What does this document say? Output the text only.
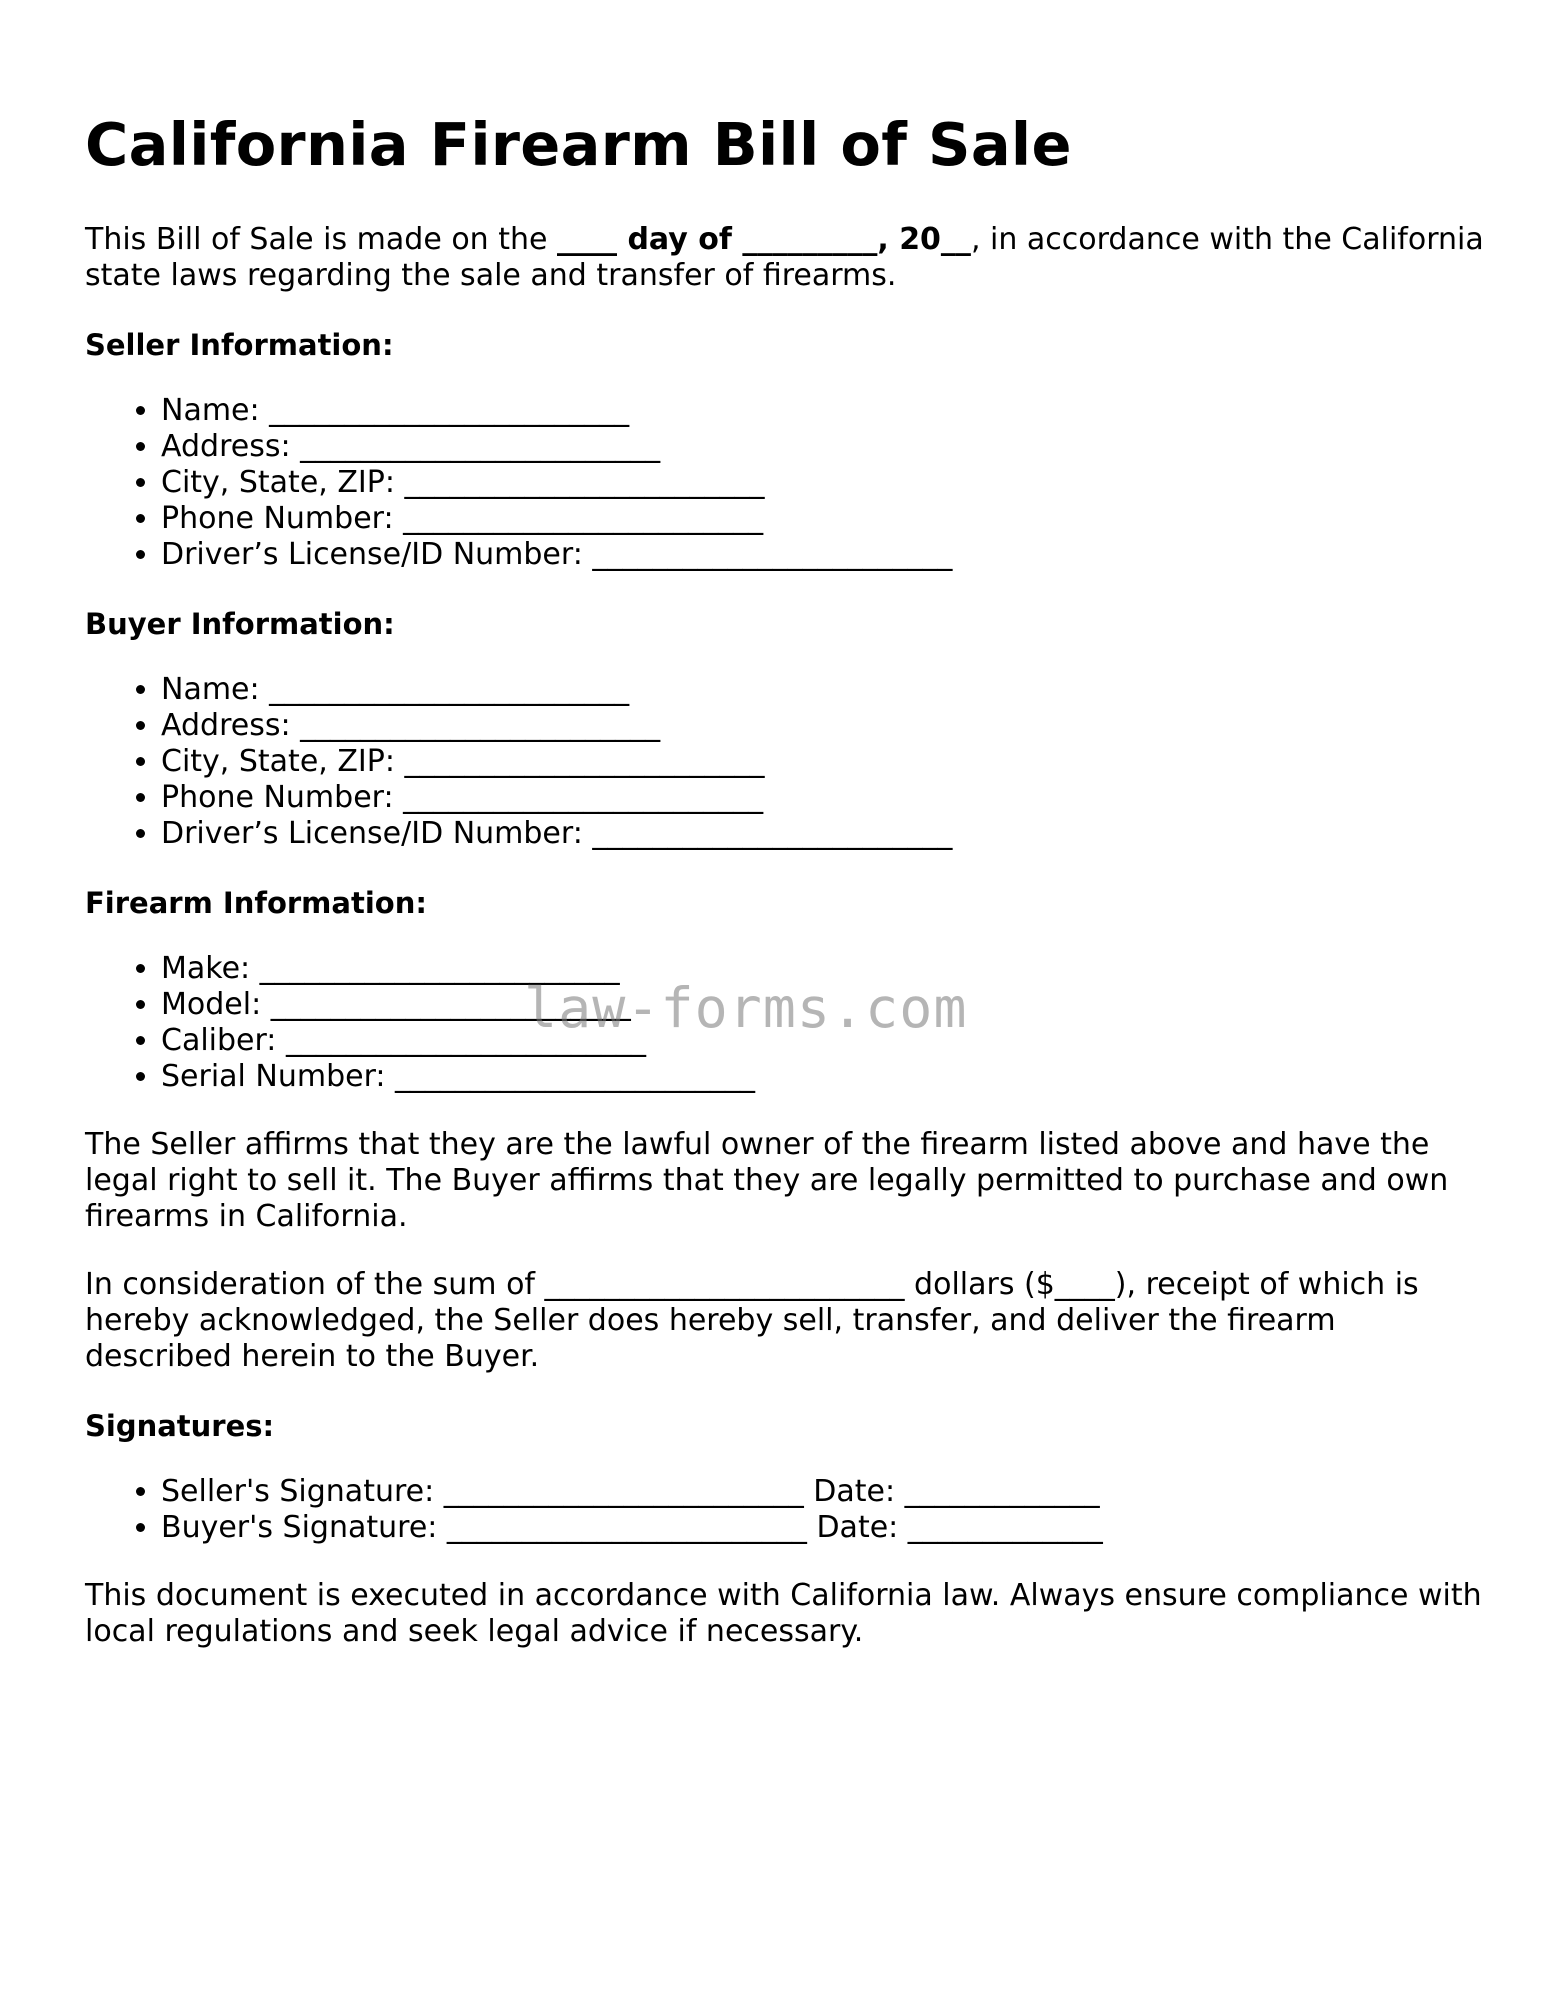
California Firearm Bill of Sale

This Bill of Sale is made on the ____ day of _________, 20__, in accordance with the California state laws regarding the sale and transfer of firearms.

Seller Information:
• Name: ________________________
• Address: ________________________
• City, State, ZIP: ________________________
• Phone Number: ________________________
• Driver’s License/ID Number: ________________________
Buyer Information:
• Name: ________________________
• Address: ________________________
• City, State, ZIP: ________________________
• Phone Number: ________________________
• Driver’s License/ID Number: ________________________
Firearm Information:
• Make: ________________________
• Model: ________________________
• Caliber: ________________________
• Serial Number: ________________________

The Seller affirms that they are the lawful owner of the firearm listed above and have the legal right to sell it. The Buyer affirms that they are legally permitted to purchase and own firearms in California.

In consideration of the sum of ________________________ dollars ($____), receipt of which is hereby acknowledged, the Seller does hereby sell, transfer, and deliver the firearm described herein to the Buyer.

Signatures:
• Seller's Signature: ________________________ Date: _____________
• Buyer's Signature: ________________________ Date: _____________

This document is executed in accordance with California law. Always ensure compliance with local regulations and seek legal advice if necessary.

law-forms.com
